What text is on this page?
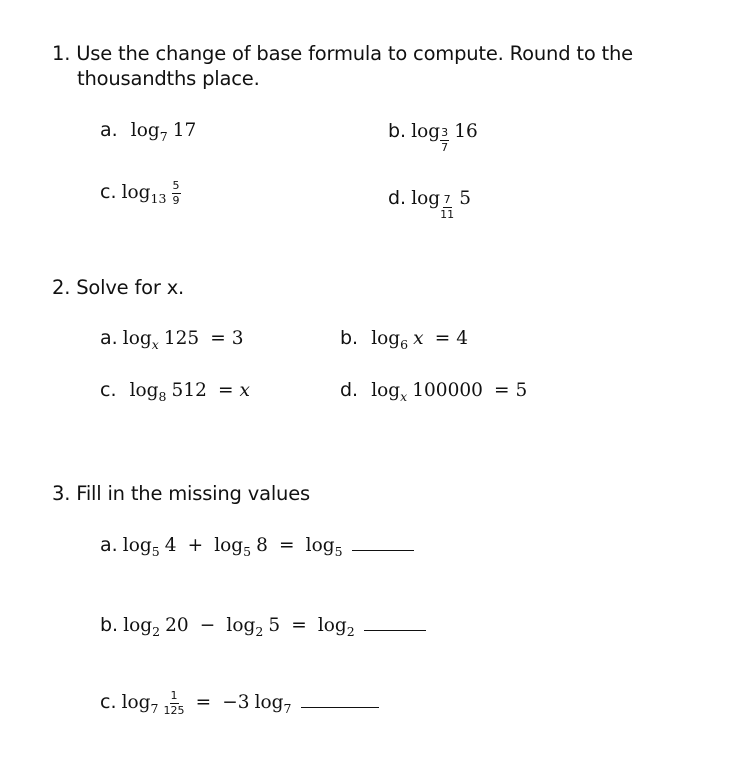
1. Use the change of base formula to compute. Round to the
thousandths place.
a. $\log_7 17$	b. $\log \frac{3}{7} 16$
c. $\log_{13} \frac{5}{9}$	d. $\log \frac{7}{11} 5$
2. Solve for x.
a. $\log_x 125 = 3$	b. $\log_6 x = 4$
c. $\log_8 512 = x$	d. $\log_x 100000 = 5$
3. Fill in the missing values
a. $\log_5 4 + \log_5 8 = \log_5$
b. $\log_2 20 - \log_2 5 = \log_2$
c. $\log_7 \frac{1}{125} = -3$ $\log_7$
